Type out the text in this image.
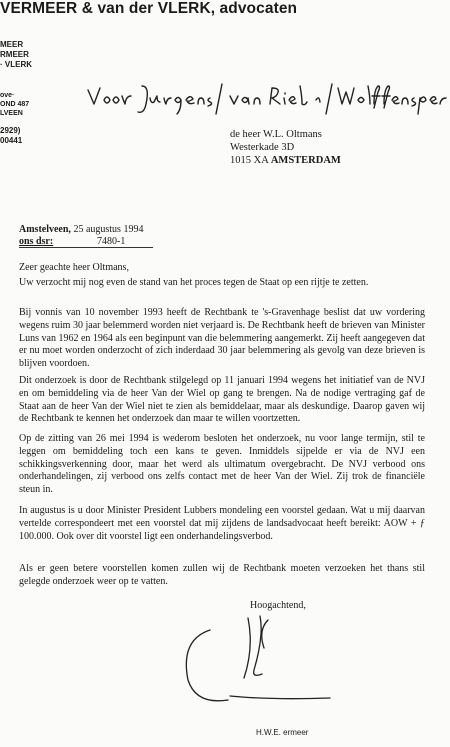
VERMEER & van der VLERK, advocaten
MEER
RMEER
· VLERK
ove·
OND 487
LVEEN
2929)
00441
de heer W.L. Oltmans
Westerkade 3D
1015 XA AMSTERDAM
Amstelveen, 25 augustus 1994
ons dsr:	7480-1
Zeer geachte heer Oltmans,
Uw verzocht mij nog even de stand van het proces tegen de Staat op een rijtje te zetten.
Bij vonnis van 10 november 1993 heeft de Rechtbank te 's-Gravenhage beslist dat uw vordering wegens ruim 30 jaar belemmerd worden niet verjaard is. De Rechtbank heeft de brieven van Minister Luns van 1962 en 1964 als een beginpunt van die belemmering aangemerkt. Zij heeft aangegeven dat er nu moet worden onderzocht of zich inderdaad 30 jaar belemmering als gevolg van deze brieven is blijven voordoen.
Dit onderzoek is door de Rechtbank stilgelegd op 11 januari 1994 wegens het initiatief van de NVJ en om bemiddeling via de heer Van der Wiel op gang te brengen. Na de nodige vertraging gaf de Staat aan de heer Van der Wiel niet te zien als bemiddelaar, maar als deskundige. Daarop gaven wij de Rechtbank te kennen het onderzoek dan maar te willen voortzetten.
Op de zitting van 26 mei 1994 is wederom besloten het onderzoek, nu voor lange termijn, stil te leggen om bemiddeling toch een kans te geven. Inmiddels sijpelde er via de NVJ een schikkingsverkenning door, maar het werd als ultimatum overgebracht. De NVJ verbood ons onderhandelingen, zij verbood ons zelfs contact met de heer Van der Wiel. Zij trok de financiële steun in.
In augustus is u door Minister President Lubbers mondeling een voorstel gedaan. Wat u mij daarvan vertelde correspondeert met een voorstel dat mij zijdens de landsadvocaat heeft bereikt: AOW + ƒ 100.000. Ook over dit voorstel ligt een onderhandelingsverbod.
Als er geen betere voorstellen komen zullen wij de Rechtbank moeten verzoeken het thans stil gelegde onderzoek weer op te vatten.
Hoogachtend,
H.W.E. ermeer
